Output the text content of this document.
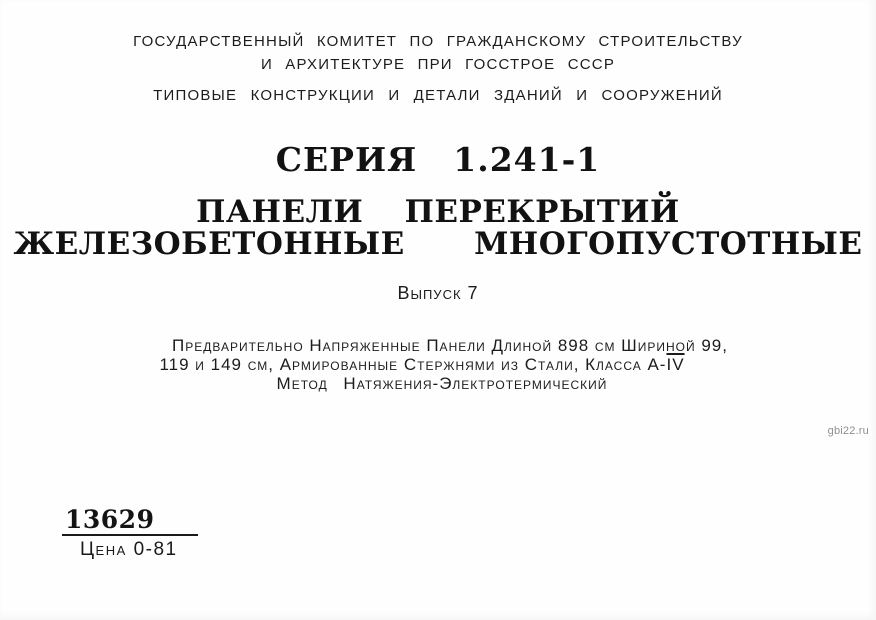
ГОСУДАРСТВЕННЫЙ КОМИТЕТ ПО ГРАЖДАНСКОМУ СТРОИТЕЛЬСТВУ
И АРХИТЕКТУРЕ ПРИ ГОССТРОЕ СССР
ТИПОВЫЕ КОНСТРУКЦИИ И ДЕТАЛИ ЗДАНИЙ И СООРУЖЕНИЙ
СЕРИЯ 1.241-1
ПАНЕЛИ ПЕРЕКРЫТИЙ
ЖЕЛЕЗОБЕТОННЫЕ МНОГОПУСТОТНЫЕ
Выпуск 7
Предварительно Напряженные Панели Длиной 898 см Шириной 99,
119 и 149 см, Армированные Стержнями из Стали, Класса $А-\overline{IV}$
Метод Натяжения-Электротермический
gbi22.ru
13629
Цена 0-81
